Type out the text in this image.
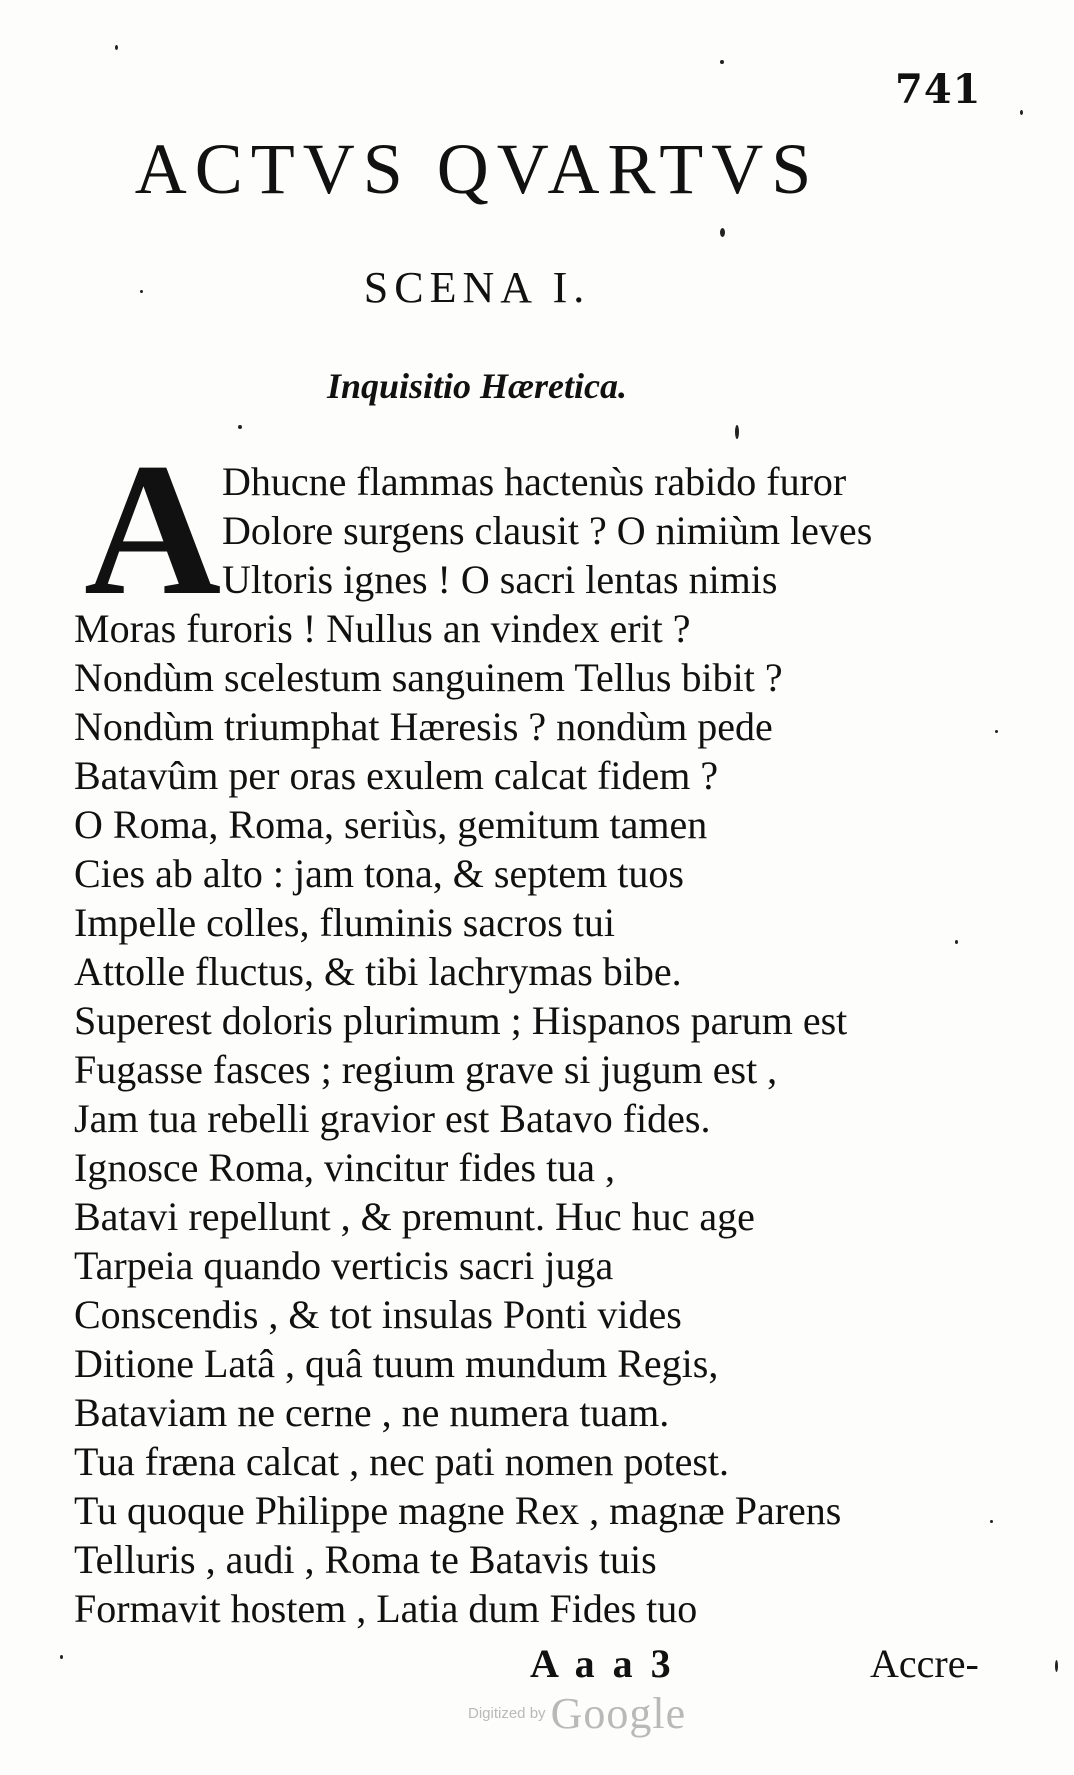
741
ACTVS QVARTVS
SCENA I.
Inquisitio Hæretica.
A Dhucne flammas hactenùs rabido furor
Dolore surgens clausit ? O nimiùm leves
Ultoris ignes ! O sacri lentas nimis
Moras furoris ! Nullus an vindex erit ?
Nondùm scelestum sanguinem Tellus bibit ?
Nondùm triumphat Hæresis ? nondùm pede
Batavûm per oras exulem calcat fidem ?
O Roma, Roma, seriùs, gemitum tamen
Cies ab alto : jam tona, & septem tuos
Impelle colles, fluminis sacros tui
Attolle fluctus, & tibi lachrymas bibe.
Superest doloris plurimum ; Hispanos parum est
Fugasse fasces ; regium grave si jugum est ,
Jam tua rebelli gravior est Batavo fides.
Ignosce Roma, vincitur fides tua ,
Batavi repellunt , & premunt. Huc huc age
Tarpeia quando verticis sacri juga
Conscendis , & tot insulas Ponti vides
Ditione Latâ , quâ tuum mundum Regis,
Bataviam ne cerne , ne numera tuam.
Tua fræna calcat , nec pati nomen potest.
Tu quoque Philippe magne Rex , magnæ Parens
Telluris , audi , Roma te Batavis tuis
Formavit hostem , Latia dum Fides tuo
A a a 3	Accre-
Digitized by Google
